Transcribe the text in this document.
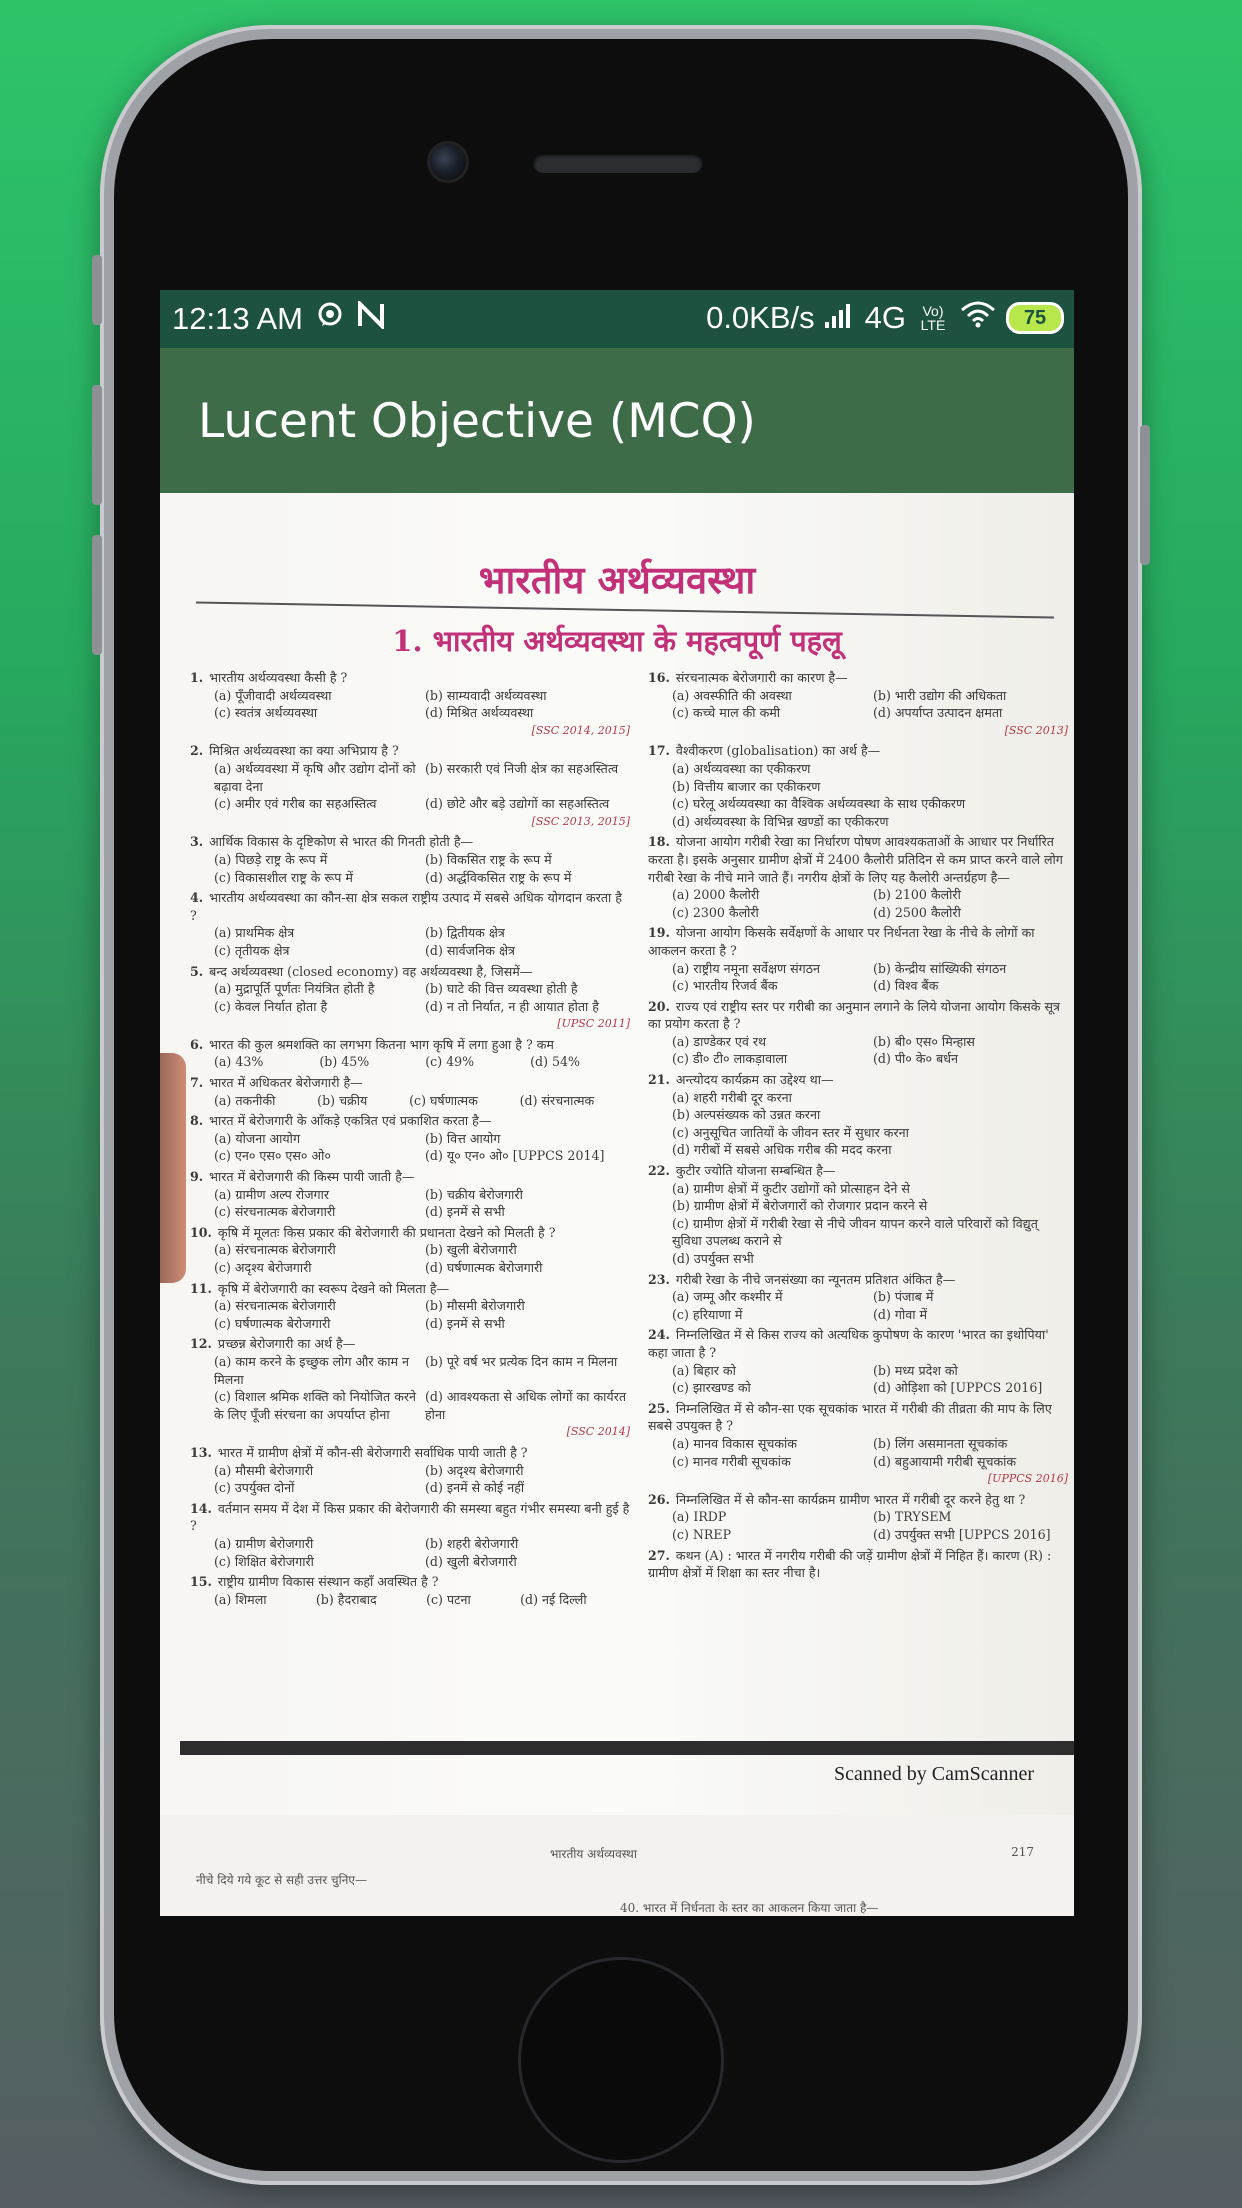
12:13 AM	0.0KB/s 4G	Vo) LTE	75
Lucent Objective (MCQ)
भारतीय अर्थव्यवस्था
1. भारतीय अर्थव्यवस्था के महत्वपूर्ण पहलू
1. भारतीय अर्थव्यवस्था कैसी है ?
(a) पूँजीवादी अर्थव्यवस्था	(b) साम्यवादी अर्थव्यवस्था
(c) स्वतंत्र अर्थव्यवस्था	(d) मिश्रित अर्थव्यवस्था
[SSC 2014, 2015]
2. मिश्रित अर्थव्यवस्था का क्या अभिप्राय है ?
(a) अर्थव्यवस्था में कृषि और उद्योग दोनों को बढ़ावा देना
(b) सरकारी एवं निजी क्षेत्र का सहअस्तित्व
(c) अमीर एवं गरीब का सहअस्तित्व	(d) छोटे और बड़े उद्योगों का सहअस्तित्व
[SSC 2013, 2015]
3. आर्थिक विकास के दृष्टिकोण से भारत की गिनती होती है—
(a) पिछड़े राष्ट्र के रूप में	(b) विकसित राष्ट्र के रूप में
(c) विकासशील राष्ट्र के रूप में	(d) अर्द्धविकसित राष्ट्र के रूप में
4. भारतीय अर्थव्यवस्था का कौन-सा क्षेत्र सकल राष्ट्रीय उत्पाद में सबसे अधिक योगदान करता है ?
(a) प्राथमिक क्षेत्र	(b) द्वितीयक क्षेत्र
(c) तृतीयक क्षेत्र	(d) सार्वजनिक क्षेत्र
5. बन्द अर्थव्यवस्था (closed economy) वह अर्थव्यवस्था है, जिसमें—
(a) मुद्रापूर्ति पूर्णतः नियंत्रित होती है	(b) घाटे की वित्त व्यवस्था होती है
(c) केवल निर्यात होता है	(d) न तो निर्यात, न ही आयात होता है
[UPSC 2011]
6. भारत की कुल श्रमशक्ति का लगभग कितना भाग कृषि में लगा हुआ है ? कम
(a) 43%	(b) 45%	(c) 49%	(d) 54%
7. भारत में अधिकतर बेरोजगारी है—
(a) तकनीकी	(b) चक्रीय	(c) घर्षणात्मक	(d) संरचनात्मक
8. भारत में बेरोजगारी के आँकड़े एकत्रित एवं प्रकाशित करता है—
(a) योजना आयोग	(b) वित्त आयोग
(c) एन० एस० एस० ओ०	(d) यू० एन० ओ० [UPPCS 2014]
9. भारत में बेरोजगारी की किस्म पायी जाती है—
(a) ग्रामीण अल्प रोजगार	(b) चक्रीय बेरोजगारी
(c) संरचनात्मक बेरोजगारी	(d) इनमें से सभी
10. कृषि में मूलतः किस प्रकार की बेरोजगारी की प्रधानता देखने को मिलती है ?
(a) संरचनात्मक बेरोजगारी	(b) खुली बेरोजगारी
(c) अदृश्य बेरोजगारी	(d) घर्षणात्मक बेरोजगारी
11. कृषि में बेरोजगारी का स्वरूप देखने को मिलता है—
(a) संरचनात्मक बेरोजगारी	(b) मौसमी बेरोजगारी
(c) घर्षणात्मक बेरोजगारी	(d) इनमें से सभी
12. प्रच्छन्न बेरोजगारी का अर्थ है—
(a) काम करने के इच्छुक लोग और काम न मिलना
(b) पूरे वर्ष भर प्रत्येक दिन काम न मिलना
(c) विशाल श्रमिक शक्ति को नियोजित करने के लिए पूँजी संरचना का अपर्याप्त होना
(d) आवश्यकता से अधिक लोगों का कार्यरत होना
[SSC 2014]
13. भारत में ग्रामीण क्षेत्रों में कौन-सी बेरोजगारी सर्वाधिक पायी जाती है ?
(a) मौसमी बेरोजगारी	(b) अदृश्य बेरोजगारी
(c) उपर्युक्त दोनों	(d) इनमें से कोई नहीं
14. वर्तमान समय में देश में किस प्रकार की बेरोजगारी की समस्या बहुत गंभीर समस्या बनी हुई है ?
(a) ग्रामीण बेरोजगारी	(b) शहरी बेरोजगारी
(c) शिक्षित बेरोजगारी	(d) खुली बेरोजगारी
15. राष्ट्रीय ग्रामीण विकास संस्थान कहाँ अवस्थित है ?
(a) शिमला	(b) हैदराबाद	(c) पटना	(d) नई दिल्ली
16. संरचनात्मक बेरोजगारी का कारण है—
(a) अवस्फीति की अवस्था	(b) भारी उद्योग की अधिकता
(c) कच्चे माल की कमी	(d) अपर्याप्त उत्पादन क्षमता
[SSC 2013]
17. वैश्वीकरण (globalisation) का अर्थ है—
(a) अर्थव्यवस्था का एकीकरण
(b) वित्तीय बाजार का एकीकरण
(c) घरेलू अर्थव्यवस्था का वैश्विक अर्थव्यवस्था के साथ एकीकरण
(d) अर्थव्यवस्था के विभिन्न खण्डों का एकीकरण
18. योजना आयोग गरीबी रेखा का निर्धारण पोषण आवश्यकताओं के आधार पर निर्धारित करता है। इसके अनुसार ग्रामीण क्षेत्रों में 2400 कैलोरी प्रतिदिन से कम प्राप्त करने वाले लोग गरीबी रेखा के नीचे माने जाते हैं। नगरीय क्षेत्रों के लिए यह कैलोरी अन्तर्ग्रहण है—
(a) 2000 कैलोरी	(b) 2100 कैलोरी
(c) 2300 कैलोरी	(d) 2500 कैलोरी
19. योजना आयोग किसके सर्वेक्षणों के आधार पर निर्धनता रेखा के नीचे के लोगों का आकलन करता है ?
(a) राष्ट्रीय नमूना सर्वेक्षण संगठन	(b) केन्द्रीय सांख्यिकी संगठन
(c) भारतीय रिजर्व बैंक	(d) विश्व बैंक
20. राज्य एवं राष्ट्रीय स्तर पर गरीबी का अनुमान लगाने के लिये योजना आयोग किसके सूत्र का प्रयोग करता है ?
(a) डाण्डेकर एवं रथ	(b) बी० एस० मिन्हास
(c) डी० टी० लाकड़ावाला	(d) पी० के० बर्धन
21. अन्त्योदय कार्यक्रम का उद्देश्य था—
(a) शहरी गरीबी दूर करना
(b) अल्पसंख्यक को उन्नत करना
(c) अनुसूचित जातियों के जीवन स्तर में सुधार करना
(d) गरीबों में सबसे अधिक गरीब की मदद करना
22. कुटीर ज्योति योजना सम्बन्धित है—
(a) ग्रामीण क्षेत्रों में कुटीर उद्योगों को प्रोत्साहन देने से
(b) ग्रामीण क्षेत्रों में बेरोजगारों को रोजगार प्रदान करने से
(c) ग्रामीण क्षेत्रों में गरीबी रेखा से नीचे जीवन यापन करने वाले परिवारों को विद्युत् सुविधा उपलब्ध कराने से
(d) उपर्युक्त सभी
23. गरीबी रेखा के नीचे जनसंख्या का न्यूनतम प्रतिशत अंकित है—
(a) जम्मू और कश्मीर में	(b) पंजाब में
(c) हरियाणा में	(d) गोवा में
24. निम्नलिखित में से किस राज्य को अत्यधिक कुपोषण के कारण 'भारत का इथोपिया' कहा जाता है ?
(a) बिहार को	(b) मध्य प्रदेश को
(c) झारखण्ड को	(d) ओड़िशा को [UPPCS 2016]
25. निम्नलिखित में से कौन-सा एक सूचकांक भारत में गरीबी की तीव्रता की माप के लिए सबसे उपयुक्त है ?
(a) मानव विकास सूचकांक	(b) लिंग असमानता सूचकांक
(c) मानव गरीबी सूचकांक	(d) बहुआयामी गरीबी सूचकांक
[UPPCS 2016]
26. निम्नलिखित में से कौन-सा कार्यक्रम ग्रामीण भारत में गरीबी दूर करने हेतु था ?
(a) IRDP	(b) TRYSEM
(c) NREP	(d) उपर्युक्त सभी [UPPCS 2016]
27. कथन (A) : भारत में नगरीय गरीबी की जड़ें ग्रामीण क्षेत्रों में निहित हैं। कारण (R) : ग्रामीण क्षेत्रों में शिक्षा का स्तर नीचा है।
Scanned by CamScanner
भारतीय अर्थव्यवस्था	217
नीचे दिये गये कूट से सही उत्तर चुनिए—
40. भारत में निर्धनता के स्तर का आकलन किया जाता है—
